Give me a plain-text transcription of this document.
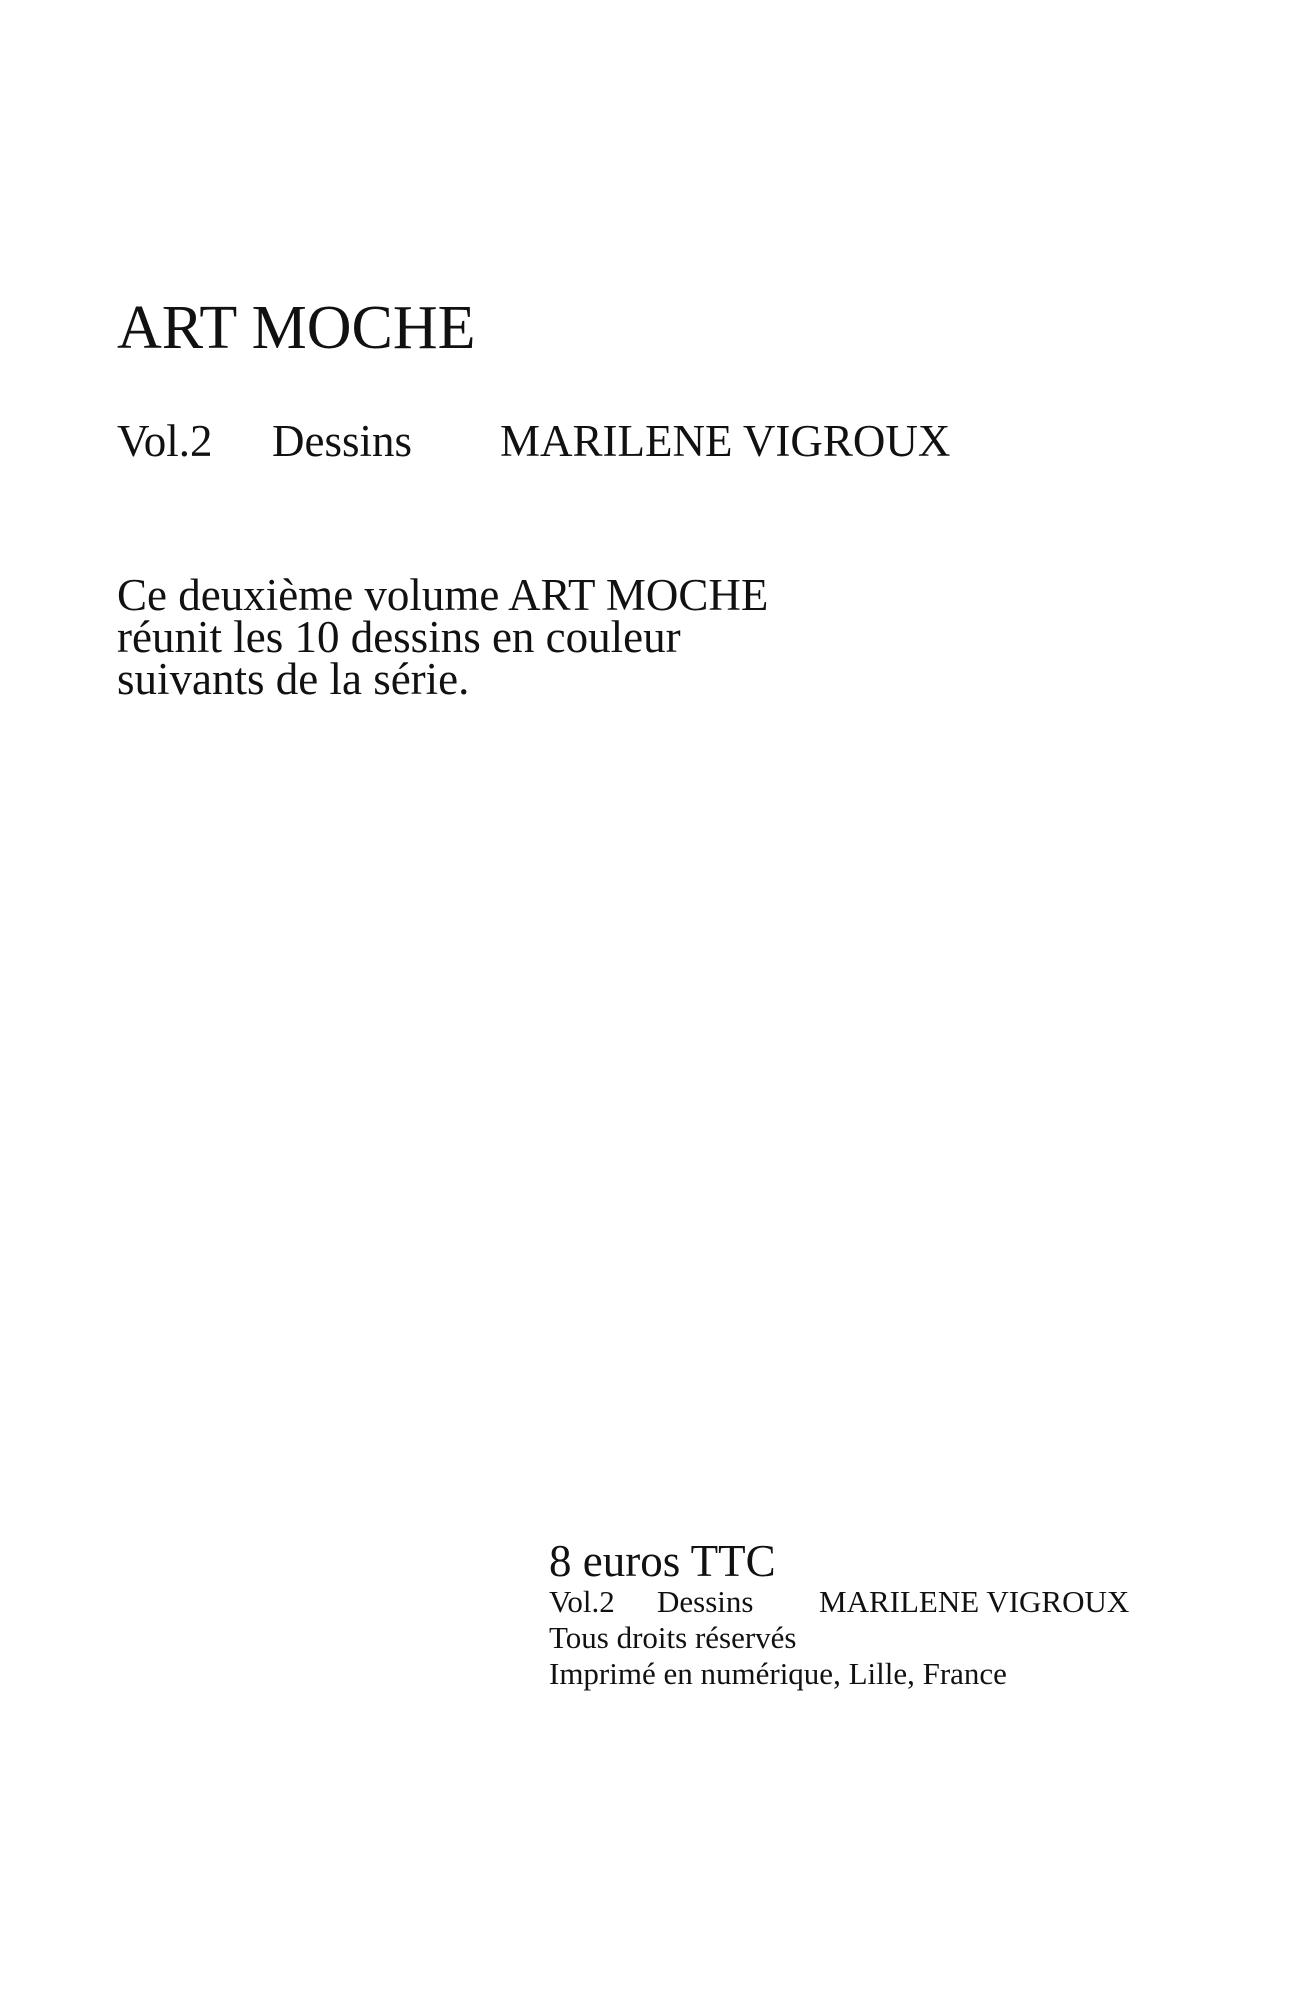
ART MOCHE
Vol.2 Dessins MARILENE VIGROUX
Ce deuxième volume ART MOCHE
réunit les 10 dessins en couleur
suivants de la série.
8 euros TTC
Vol.2 Dessins MARILENE VIGROUX
Tous droits réservés
Imprimé en numérique, Lille, France
